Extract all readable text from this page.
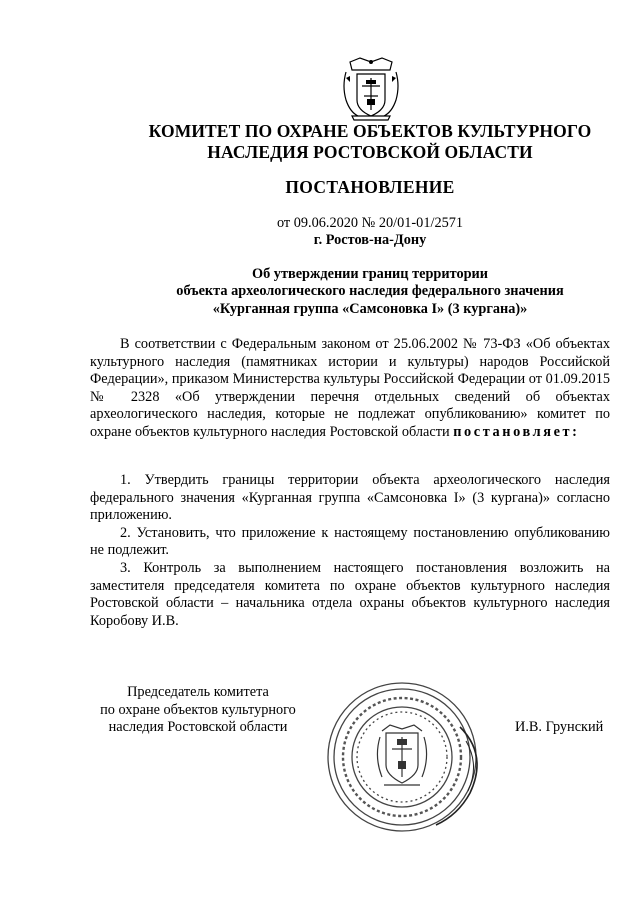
КОМИТЕТ ПО ОХРАНЕ ОБЪЕКТОВ КУЛЬТУРНОГО
НАСЛЕДИЯ РОСТОВСКОЙ ОБЛАСТИ
ПОСТАНОВЛЕНИЕ
от 09.06.2020 № 20/01-01/2571
г. Ростов-на-Дону
Об утверждении границ территории
объекта археологического наследия федерального значения
«Курганная группа «Самсоновка I» (3 кургана)»
В соответствии с Федеральным законом от 25.06.2002 № 73-ФЗ «Об объектах культурного наследия (памятниках истории и культуры) народов Российской Федерации», приказом Министерства культуры Российской Федерации от 01.09.2015 № 2328 «Об утверждении перечня отдельных сведений об объектах археологического наследия, которые не подлежат опубликованию» комитет по охране объектов культурного наследия Ростовской области постановляет:
1. Утвердить границы территории объекта археологического наследия федерального значения «Курганная группа «Самсоновка I» (3 кургана)» согласно приложению.
2. Установить, что приложение к настоящему постановлению опубликованию не подлежит.
3. Контроль за выполнением настоящего постановления возложить на заместителя председателя комитета по охране объектов культурного наследия Ростовской области – начальника отдела охраны объектов культурного наследия Коробову И.В.
Председатель комитета
по охране объектов культурного
наследия Ростовской области	И.В. Грунский
